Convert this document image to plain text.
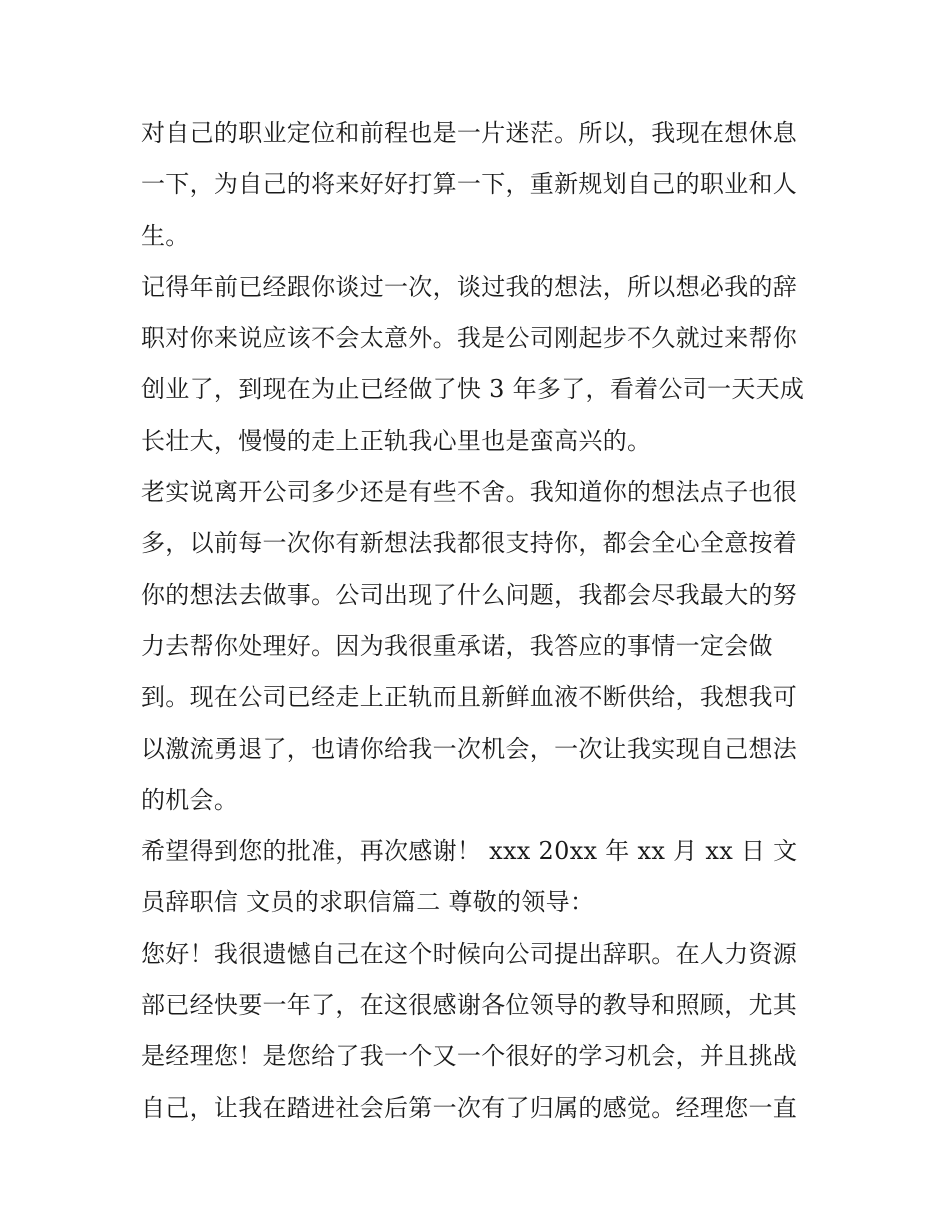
对自己的职业定位和前程也是一片迷茫。所以，我现在想休息一下，为自己的将来好好打算一下，重新规划自己的职业和人生。

记得年前已经跟你谈过一次，谈过我的想法，所以想必我的辞职对你来说应该不会太意外。我是公司刚起步不久就过来帮你创业了，到现在为止已经做了快 3 年多了，看着公司一天天成长壮大，慢慢的走上正轨我心里也是蛮高兴的。

老实说离开公司多少还是有些不舍。我知道你的想法点子也很多，以前每一次你有新想法我都很支持你，都会全心全意按着你的想法去做事。公司出现了什么问题，我都会尽我最大的努力去帮你处理好。因为我很重承诺，我答应的事情一定会做到。现在公司已经走上正轨而且新鲜血液不断供给，我想我可以激流勇退了，也请你给我一次机会，一次让我实现自己想法的机会。

希望得到您的批准，再次感谢！ xxx 20xx 年 xx 月 xx 日 文员辞职信 文员的求职信篇二 尊敬的领导：

您好！我很遗憾自己在这个时候向公司提出辞职。在人力资源部已经快要一年了，在这很感谢各位领导的教导和照顾，尤其是经理您！是您给了我一个又一个很好的学习机会，并且挑战自己，让我在踏进社会后第一次有了归属的感觉。经理您一直
